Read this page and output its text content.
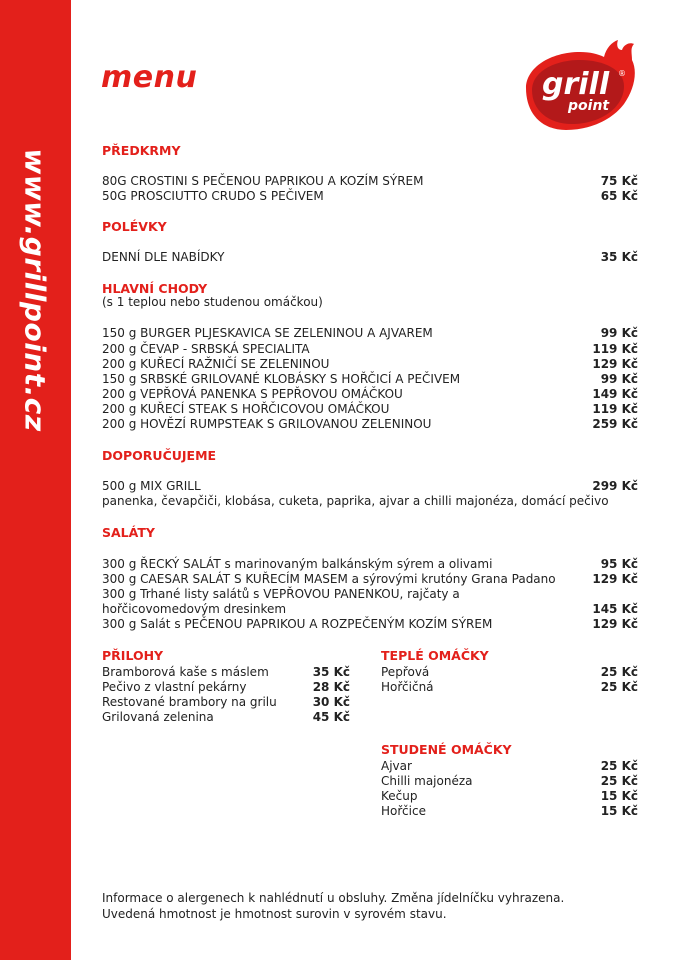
www.grillpoint.cz
menu	grill ®
point
PŘEDKRMY
80G CROSTINI S PEČENOU PAPRIKOU A KOZÍM SÝREM	75 Kč
50G PROSCIUTTO CRUDO S PEČIVEM	65 Kč
POLÉVKY
DENNÍ DLE NABÍDKY	35 Kč
HLAVNÍ CHODY
(s 1 teplou nebo studenou omáčkou)
150 g BURGER PLJESKAVICA SE ZELENINOU A AJVAREM	99 Kč
200 g ČEVAP - SRBSKÁ SPECIALITA	119 Kč
200 g KUŘECÍ RAŽNIČÍ SE ZELENINOU	129 Kč
150 g SRBSKÉ GRILOVANÉ KLOBÁSKY S HOŘČICÍ A PEČIVEM	99 Kč
200 g VEPŘOVÁ PANENKA S PEPŘOVOU OMÁČKOU	149 Kč
200 g KUŘECÍ STEAK S HOŘČICOVOU OMÁČKOU	119 Kč
200 g HOVĚZÍ RUMPSTEAK S GRILOVANOU ZELENINOU	259 Kč
DOPORUČUJEME
500 g MIX GRILL	299 Kč
panenka, čevapčiči, klobása, cuketa, paprika, ajvar a chilli majonéza, domácí pečivo
SALÁTY
300 g ŘECKÝ SALÁT s marinovaným balkánským sýrem a olivami	95 Kč
300 g CAESAR SALÁT S KUŘECÍM MASEM a sýrovými krutóny Grana Padano	129 Kč
300 g Trhané listy salátů s VEPŘOVOU PANENKOU, rajčaty a
hořčicovomedovým dresinkem	145 Kč
300 g Salát s PEČENOU PAPRIKOU A ROZPEČENÝM KOZÍM SÝREM	129 Kč
PŘILOHY
Bramborová kaše s máslem	35 Kč
Pečivo z vlastní pekárny	28 Kč
Restované brambory na grilu	30 Kč
Grilovaná zelenina	45 Kč
TEPLÉ OMÁČKY
Pepřová	25 Kč
Hořčičná	25 Kč
STUDENÉ OMÁČKY
Ajvar	25 Kč
Chilli majonéza	25 Kč
Kečup	15 Kč
Hořčice	15 Kč
Informace o alergenech k nahlédnutí u obsluhy. Změna jídelníčku vyhrazena.
Uvedená hmotnost je hmotnost surovin v syrovém stavu.
